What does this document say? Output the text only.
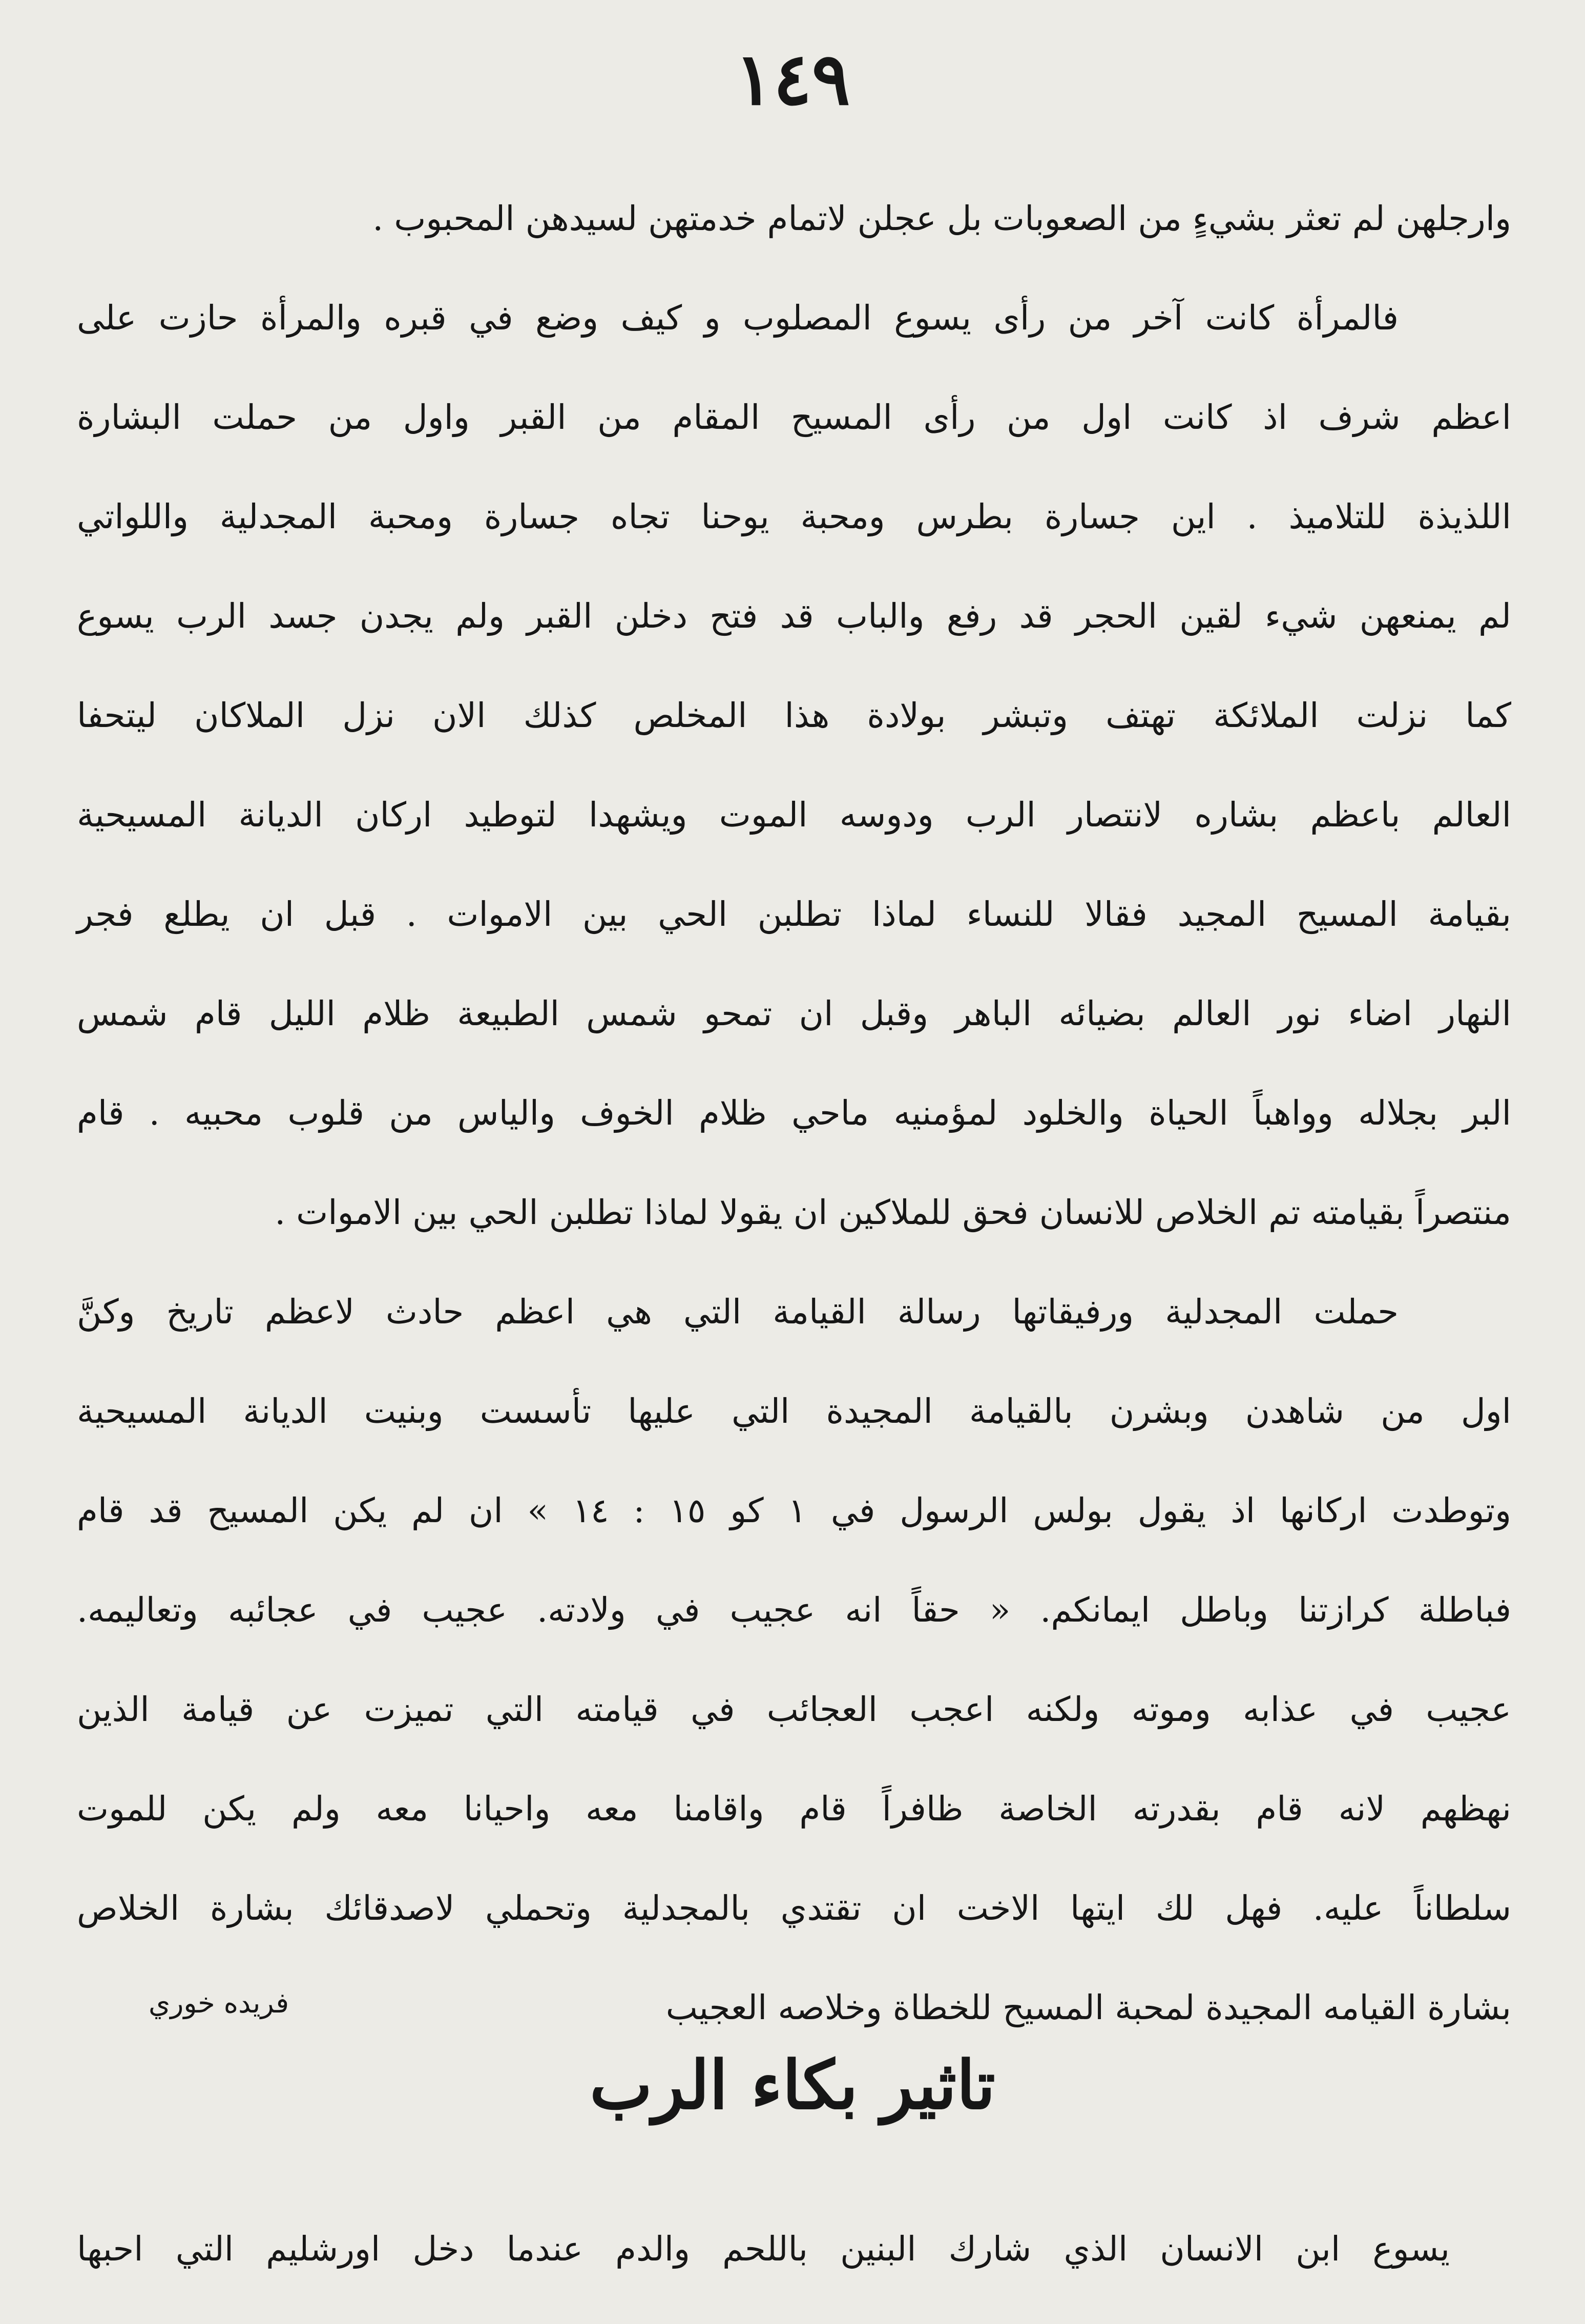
١٤٩
وارجلهن لم تعثر بشيءٍ من الصعوبات بل عجلن لاتمام خدمتهن لسيدهن المحبوب .
فالمرأة كانت آخر من رأى يسوع المصلوب و كيف وضع في قبره والمرأة حازت على
اعظم شرف اذ كانت اول من رأى المسيح المقام من القبر واول من حملت البشارة
اللذيذة للتلاميذ . اين جسارة بطرس ومحبة يوحنا تجاه جسارة ومحبة المجدلية واللواتي
لم يمنعهن شيء لقين الحجر قد رفع والباب قد فتح دخلن القبر ولم يجدن جسد الرب يسوع
كما نزلت الملائكة تهتف وتبشر بولادة هذا المخلص كذلك الان نزل الملاكان ليتحفا
العالم باعظم بشاره لانتصار الرب ودوسه الموت ويشهدا لتوطيد اركان الديانة المسيحية
بقيامة المسيح المجيد فقالا للنساء لماذا تطلبن الحي بين الاموات . قبل ان يطلع فجر
النهار اضاء نور العالم بضيائه الباهر وقبل ان تمحو شمس الطبيعة ظلام الليل قام شمس
البر بجلاله وواهباً الحياة والخلود لمؤمنيه ماحي ظلام الخوف والياس من قلوب محبيه . قام
منتصراً بقيامته تم الخلاص للانسان فحق للملاكين ان يقولا لماذا تطلبن الحي بين الاموات .
حملت المجدلية ورفيقاتها رسالة القيامة التي هي اعظم حادث لاعظم تاريخ وكنَّ
اول من شاهدن وبشرن بالقيامة المجيدة التي عليها تأسست وبنيت الديانة المسيحية
وتوطدت اركانها اذ يقول بولس الرسول في ١ كو ١٥ : ١٤ » ان لم يكن المسيح قد قام
فباطلة كرازتنا وباطل ايمانكم. « حقاً انه عجيب في ولادته. عجيب في عجائبه وتعاليمه.
عجيب في عذابه وموته ولكنه اعجب العجائب في قيامته التي تميزت عن قيامة الذين
نهظهم لانه قام بقدرته الخاصة ظافراً قام واقامنا معه واحيانا معه ولم يكن للموت
سلطاناً عليه. فهل لك ايتها الاخت ان تقتدي بالمجدلية وتحملي لاصدقائك بشارة الخلاص
بشارة القيامه المجيدة لمحبة المسيح للخطاة وخلاصه العجيب
فريده خوري
تاثير بكاء الرب
يسوع ابن الانسان الذي شارك البنين باللحم والدم عندما دخل اورشليم التي احبها
